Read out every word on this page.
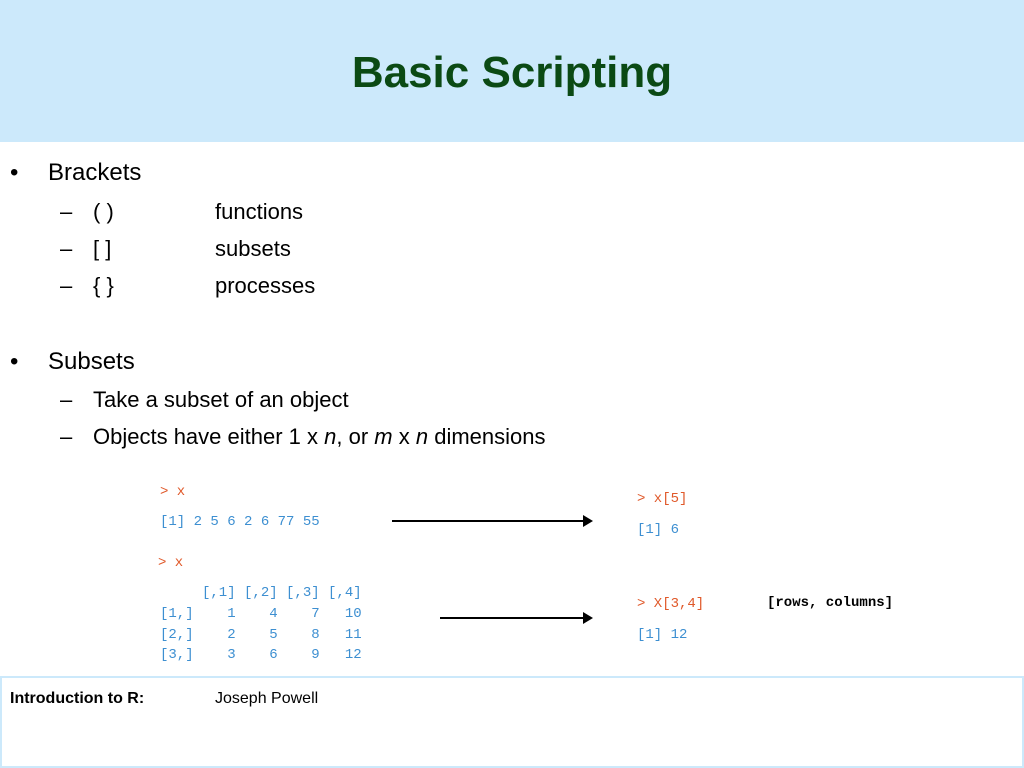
Basic Scripting
• Brackets
– ( )	functions
– [ ]	subsets
– { }	processes
• Subsets
– Take a subset of an object
– Objects have either 1 x n, or m x n dimensions
> x
[1] 2 5 6 2 6 77 55
> x[5]
[1] 6
> x
[,1] [,2] [,3] [,4]
[1,]    1    4    7   10
[2,]    2    5    8   11
[3,]    3    6    9   12
> X[3,4]	[rows, columns]
[1] 12
Introduction to R:	Joseph Powell
